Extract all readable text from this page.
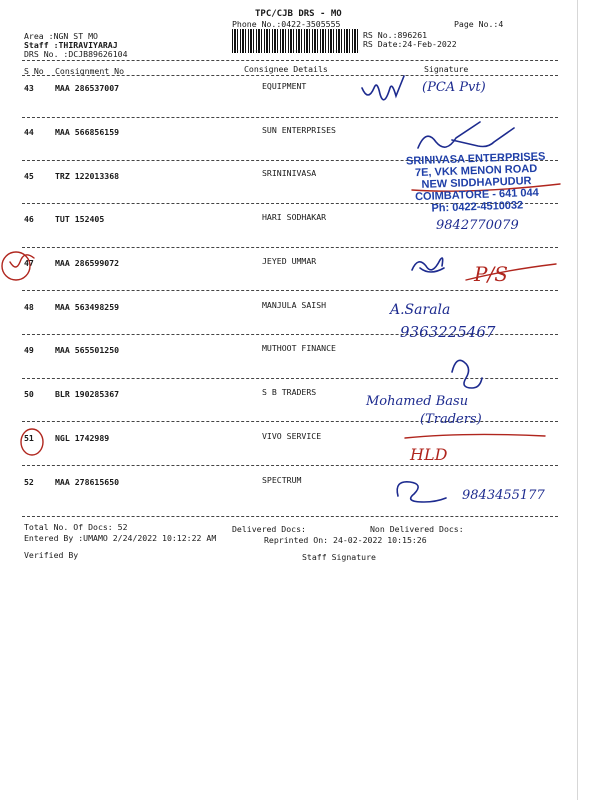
TPC/CJB DRS - MO
Phone No.:0422-3505555	Page No.:4
Area :NGN ST MO
Staff :THIRAVIYARAJ
DRS No. :DCJB89626104
RS No.:896261
RS Date:24-Feb-2022
S No Consignment No	Consignee Details	Signature
43	MAA 286537007	EQUIPMENT
44	MAA 566856159	SUN ENTERPRISES
45	TRZ 122013368	SRININIVASA
46	TUT 152405	HARI SODHAKAR
47	MAA 286599072	JEYED UMMAR
48	MAA 563498259	MANJULA SAISH
49	MAA 565501250	MUTHOOT FINANCE
50	BLR 190285367	S B TRADERS
51	NGL 1742989	VIVO SERVICE
52	MAA 278615650	SPECTRUM
SRINIVASA ENTERPRISES
7E, VKK MENON ROAD
NEW SIDDHAPUDUR
COIMBATORE - 641 044
Ph: 0422-4510032
(PCA Pvt)
9842770079
P/S
A.Sarala
9363225467
Mohamed Basu
(Traders)
HLD
9843455177
Total No. Of Docs: 52	Delivered Docs:	Non Delivered Docs:
Entered By :UMAMO 2/24/2022 10:12:22 AM	Reprinted On: 24-02-2022 10:15:26
Verified By	Staff Signature
